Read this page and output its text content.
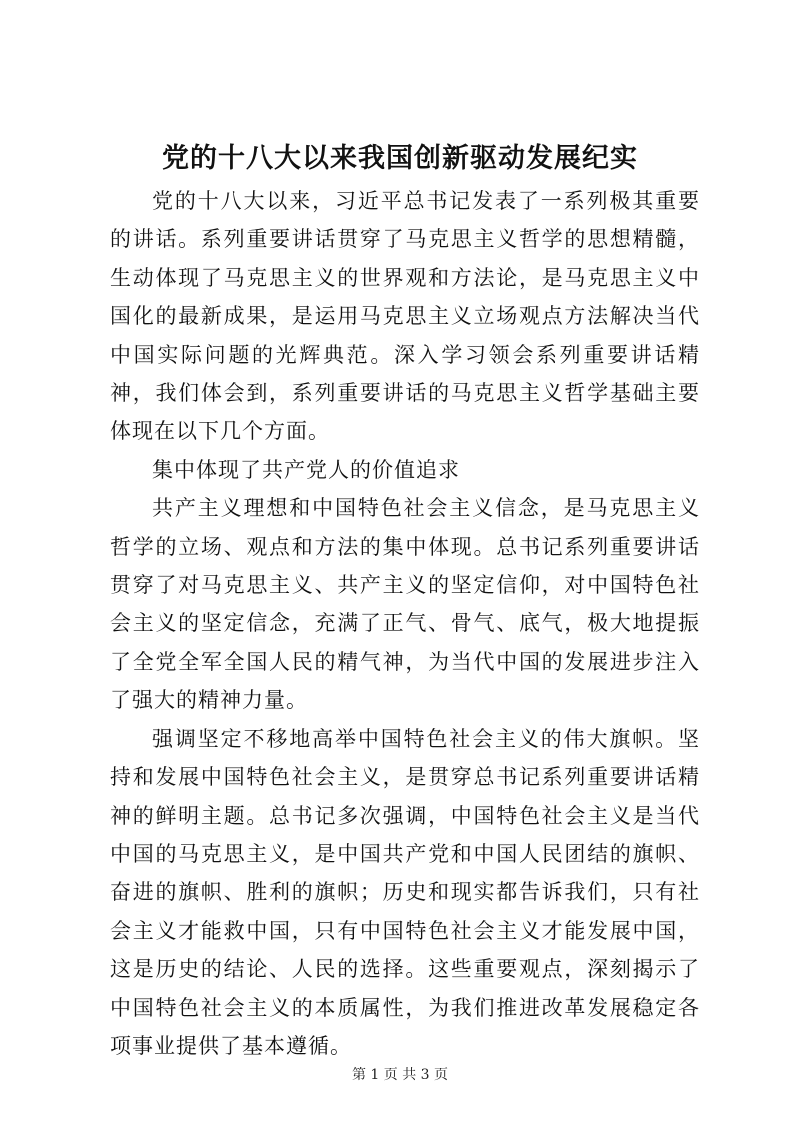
党的十八大以来我国创新驱动发展纪实

党的十八大以来，习近平总书记发表了一系列极其重要的讲话。系列重要讲话贯穿了马克思主义哲学的思想精髓，生动体现了马克思主义的世界观和方法论，是马克思主义中国化的最新成果，是运用马克思主义立场观点方法解决当代中国实际问题的光辉典范。深入学习领会系列重要讲话精神，我们体会到，系列重要讲话的马克思主义哲学基础主要体现在以下几个方面。

集中体现了共产党人的价值追求

共产主义理想和中国特色社会主义信念，是马克思主义哲学的立场、观点和方法的集中体现。总书记系列重要讲话贯穿了对马克思主义、共产主义的坚定信仰，对中国特色社会主义的坚定信念，充满了正气、骨气、底气，极大地提振了全党全军全国人民的精气神，为当代中国的发展进步注入了强大的精神力量。

强调坚定不移地高举中国特色社会主义的伟大旗帜。坚持和发展中国特色社会主义，是贯穿总书记系列重要讲话精神的鲜明主题。总书记多次强调，中国特色社会主义是当代中国的马克思主义，是中国共产党和中国人民团结的旗帜、奋进的旗帜、胜利的旗帜；历史和现实都告诉我们，只有社会主义才能救中国，只有中国特色社会主义才能发展中国，这是历史的结论、人民的选择。这些重要观点，深刻揭示了中国特色社会主义的本质属性，为我们推进改革发展稳定各项事业提供了基本遵循。

第 1 页 共 3 页
